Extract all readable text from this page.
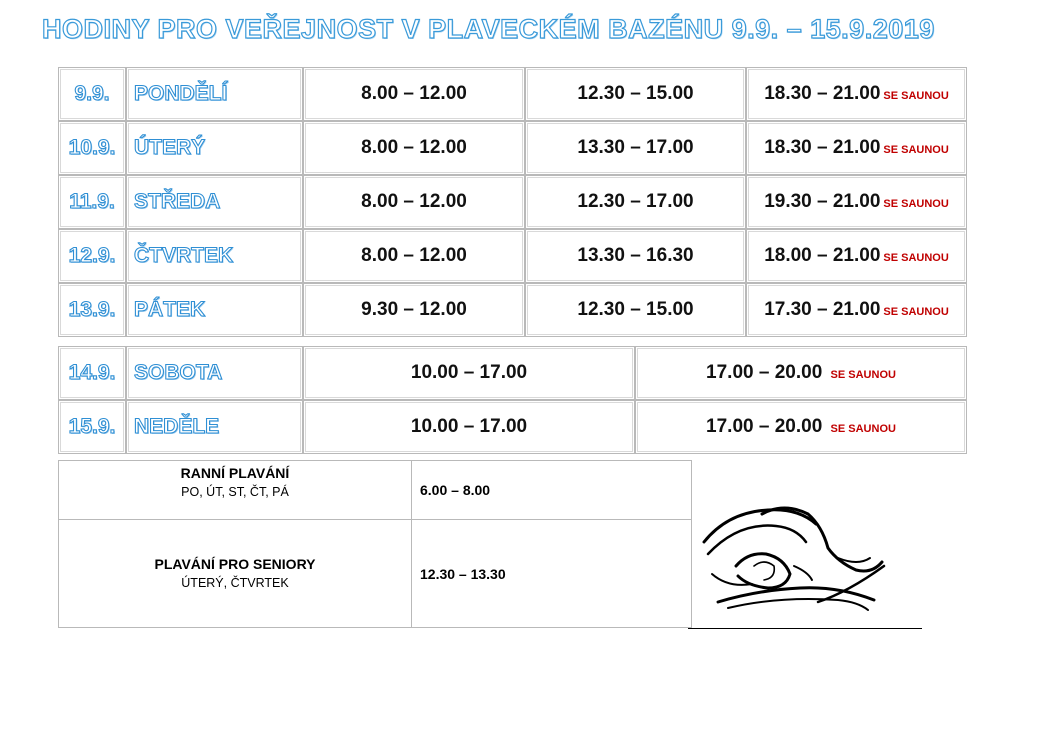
HODINY PRO VEŘEJNOST V PLAVECKÉM BAZÉNU 9.9. – 15.9.2019
9.9.	PONDĚLÍ	8.00 – 12.00	12.30 – 15.00	18.30 – 21.00 SE SAUNOU
10.9.	ÚTERÝ	8.00 – 12.00	13.30 – 17.00	18.30 – 21.00 SE SAUNOU
11.9.	STŘEDA	8.00 – 12.00	12.30 – 17.00	19.30 – 21.00 SE SAUNOU
12.9.	ČTVRTEK	8.00 – 12.00	13.30 – 16.30	18.00 – 21.00 SE SAUNOU
13.9.	PÁTEK	9.30 – 12.00	12.30 – 15.00	17.30 – 21.00 SE SAUNOU
14.9.	SOBOTA	10.00 – 17.00	17.00 – 20.00 SE SAUNOU
15.9.	NEDĚLE	10.00 – 17.00	17.00 – 20.00 SE SAUNOU
RANNÍ PLAVÁNÍ
PO, ÚT, ST, ČT, PÁ	6.00 – 8.00

PLAVÁNÍ PRO SENIORY
ÚTERÝ, ČTVRTEK	12.30 – 13.30
